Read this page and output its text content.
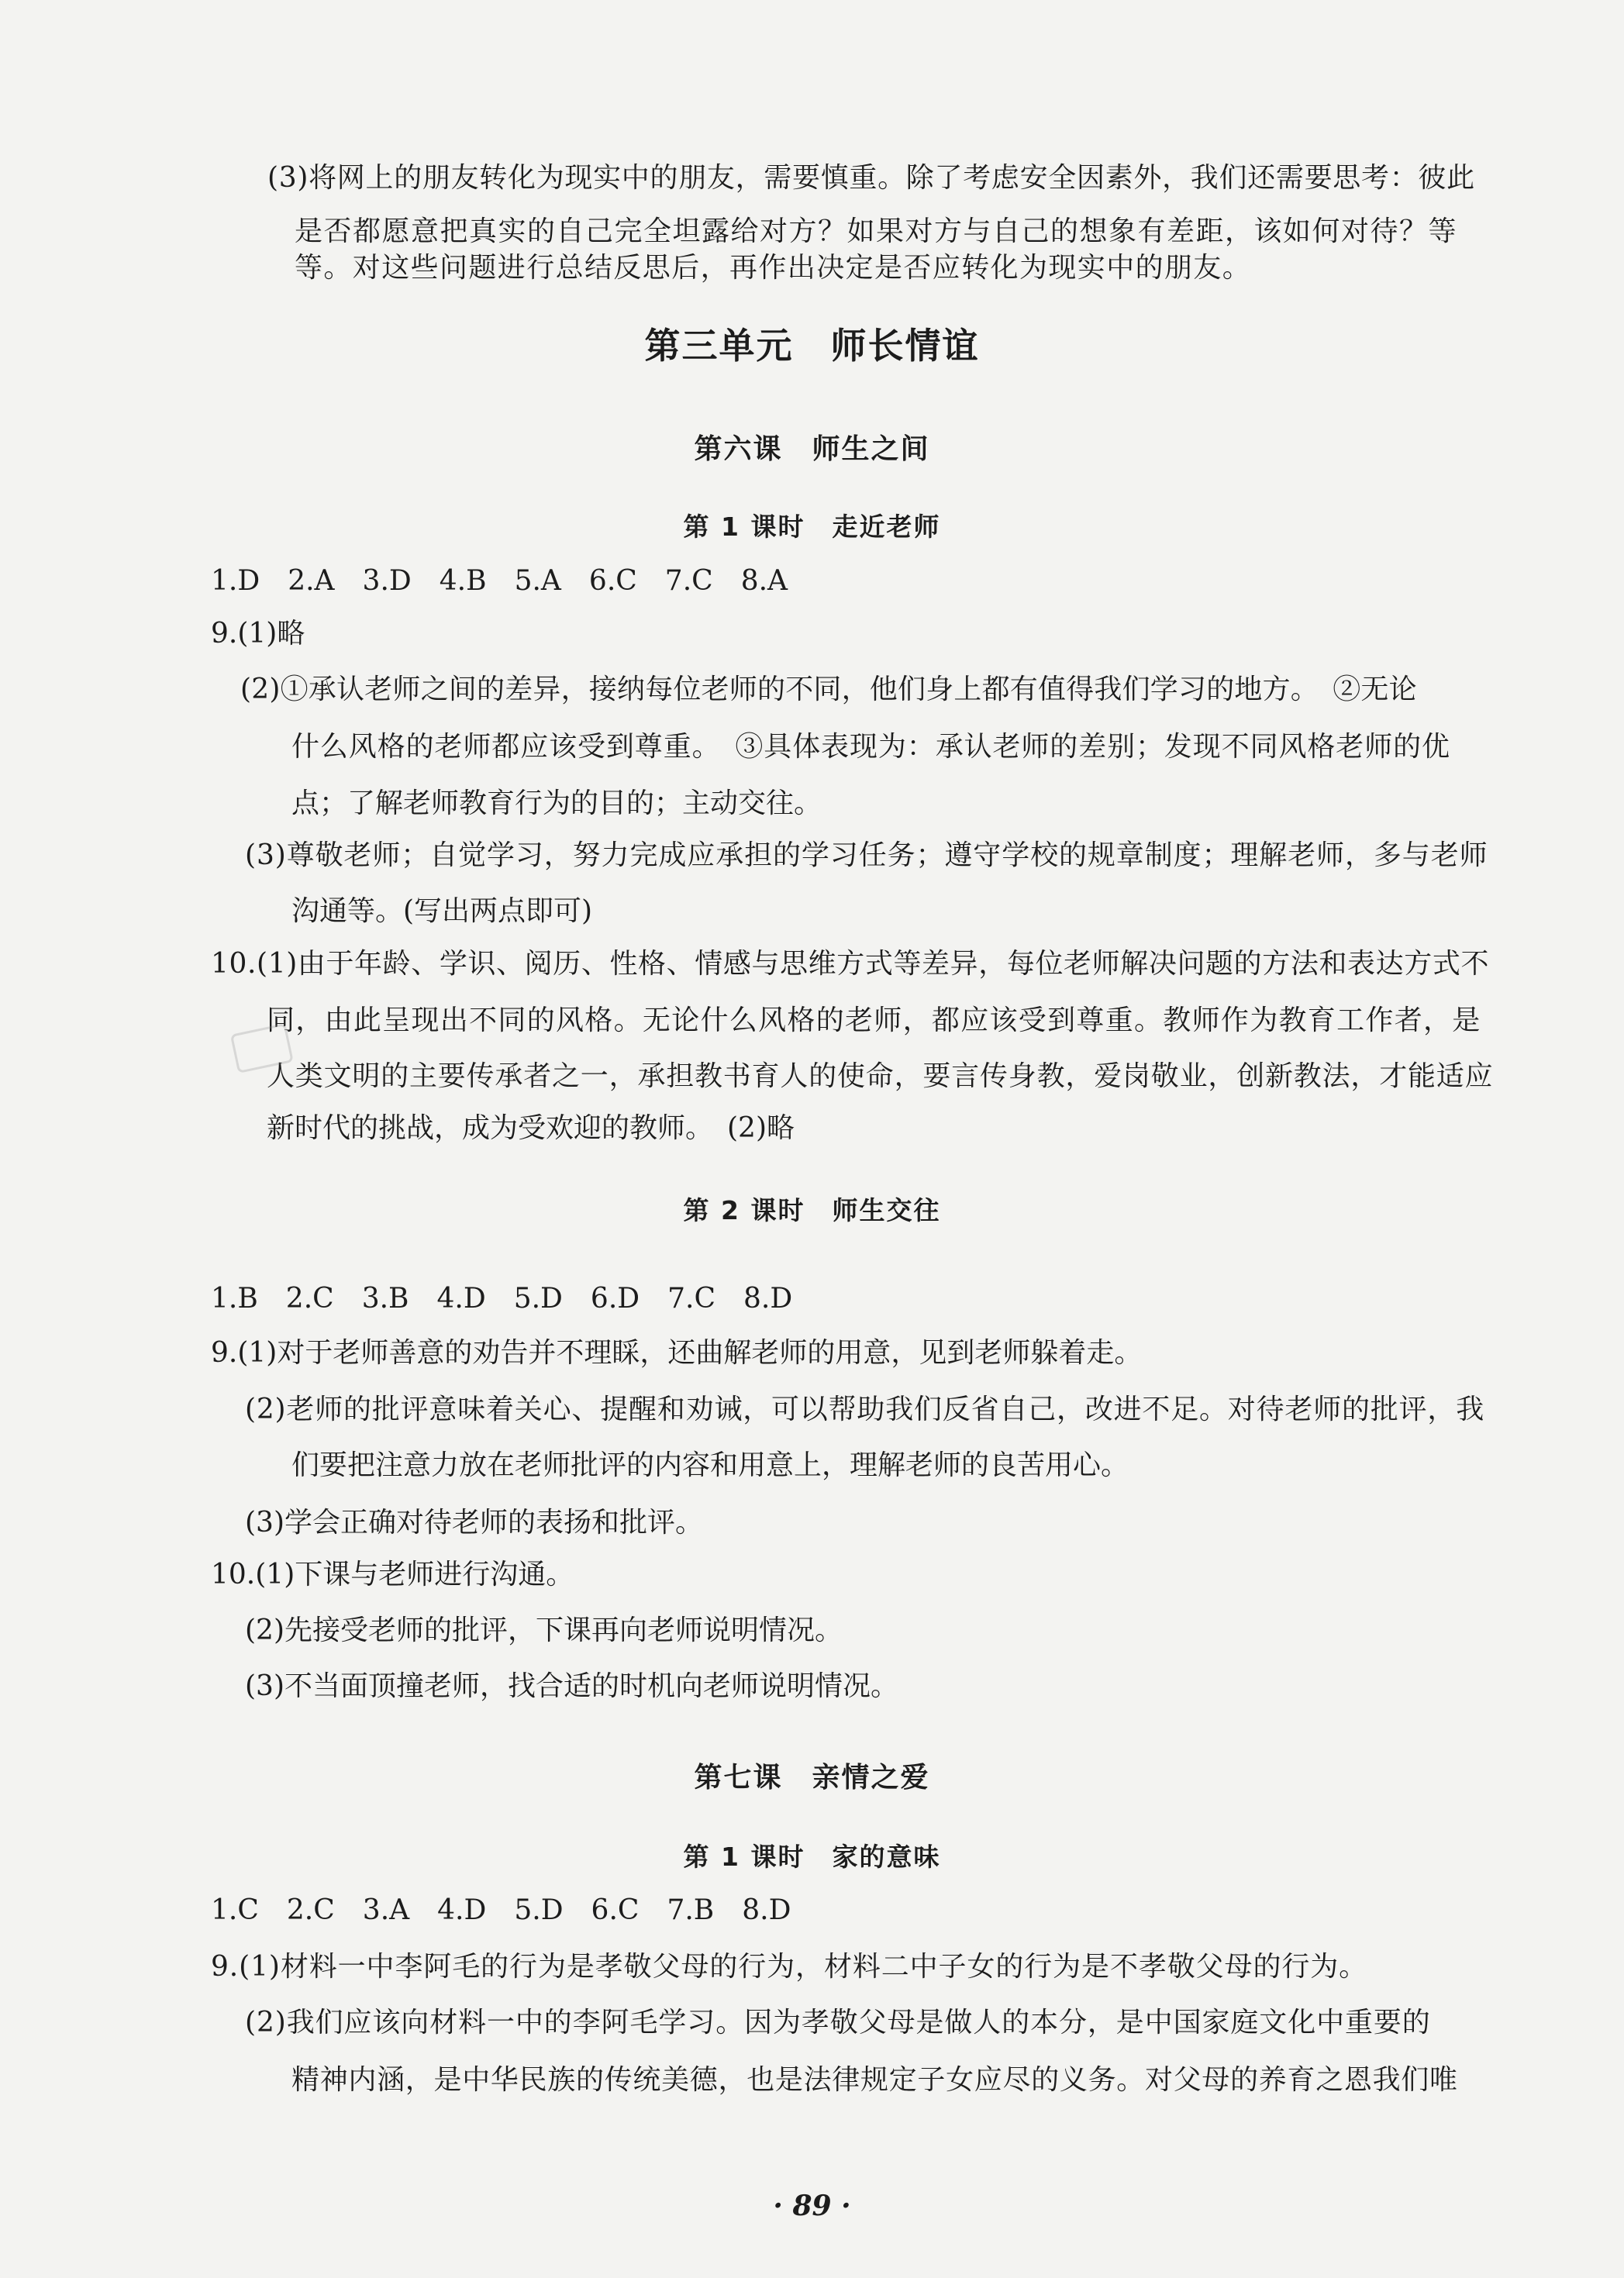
(3)将网上的朋友转化为现实中的朋友，需要慎重。除了考虑安全因素外，我们还需要思考：彼此
是否都愿意把真实的自己完全坦露给对方？如果对方与自己的想象有差距，该如何对待？等
等。对这些问题进行总结反思后，再作出决定是否应转化为现实中的朋友。
第三单元　师长情谊
第六课　师生之间
第 1 课时　走近老师
1.D　2.A　3.D　4.B　5.A　6.C　7.C　8.A
9.(1)略
(2)①承认老师之间的差异，接纳每位老师的不同，他们身上都有值得我们学习的地方。　②无论
什么风格的老师都应该受到尊重。　③具体表现为：承认老师的差别；发现不同风格老师的优
点；了解老师教育行为的目的；主动交往。
(3)尊敬老师；自觉学习，努力完成应承担的学习任务；遵守学校的规章制度；理解老师，多与老师
沟通等。(写出两点即可)
10.(1)由于年龄、学识、阅历、性格、情感与思维方式等差异，每位老师解决问题的方法和表达方式不
同，由此呈现出不同的风格。无论什么风格的老师，都应该受到尊重。教师作为教育工作者，是
人类文明的主要传承者之一，承担教书育人的使命，要言传身教，爱岗敬业，创新教法，才能适应
新时代的挑战，成为受欢迎的教师。　(2)略
第 2 课时　师生交往
1.B　2.C　3.B　4.D　5.D　6.D　7.C　8.D
9.(1)对于老师善意的劝告并不理睬，还曲解老师的用意，见到老师躲着走。
(2)老师的批评意味着关心、提醒和劝诫，可以帮助我们反省自己，改进不足。对待老师的批评，我
们要把注意力放在老师批评的内容和用意上，理解老师的良苦用心。
(3)学会正确对待老师的表扬和批评。
10.(1)下课与老师进行沟通。
(2)先接受老师的批评，下课再向老师说明情况。
(3)不当面顶撞老师，找合适的时机向老师说明情况。
第七课　亲情之爱
第 1 课时　家的意味
1.C　2.C　3.A　4.D　5.D　6.C　7.B　8.D
9.(1)材料一中李阿毛的行为是孝敬父母的行为，材料二中子女的行为是不孝敬父母的行为。
(2)我们应该向材料一中的李阿毛学习。因为孝敬父母是做人的本分，是中国家庭文化中重要的
精神内涵，是中华民族的传统美德，也是法律规定子女应尽的义务。对父母的养育之恩我们唯
· 89 ·
